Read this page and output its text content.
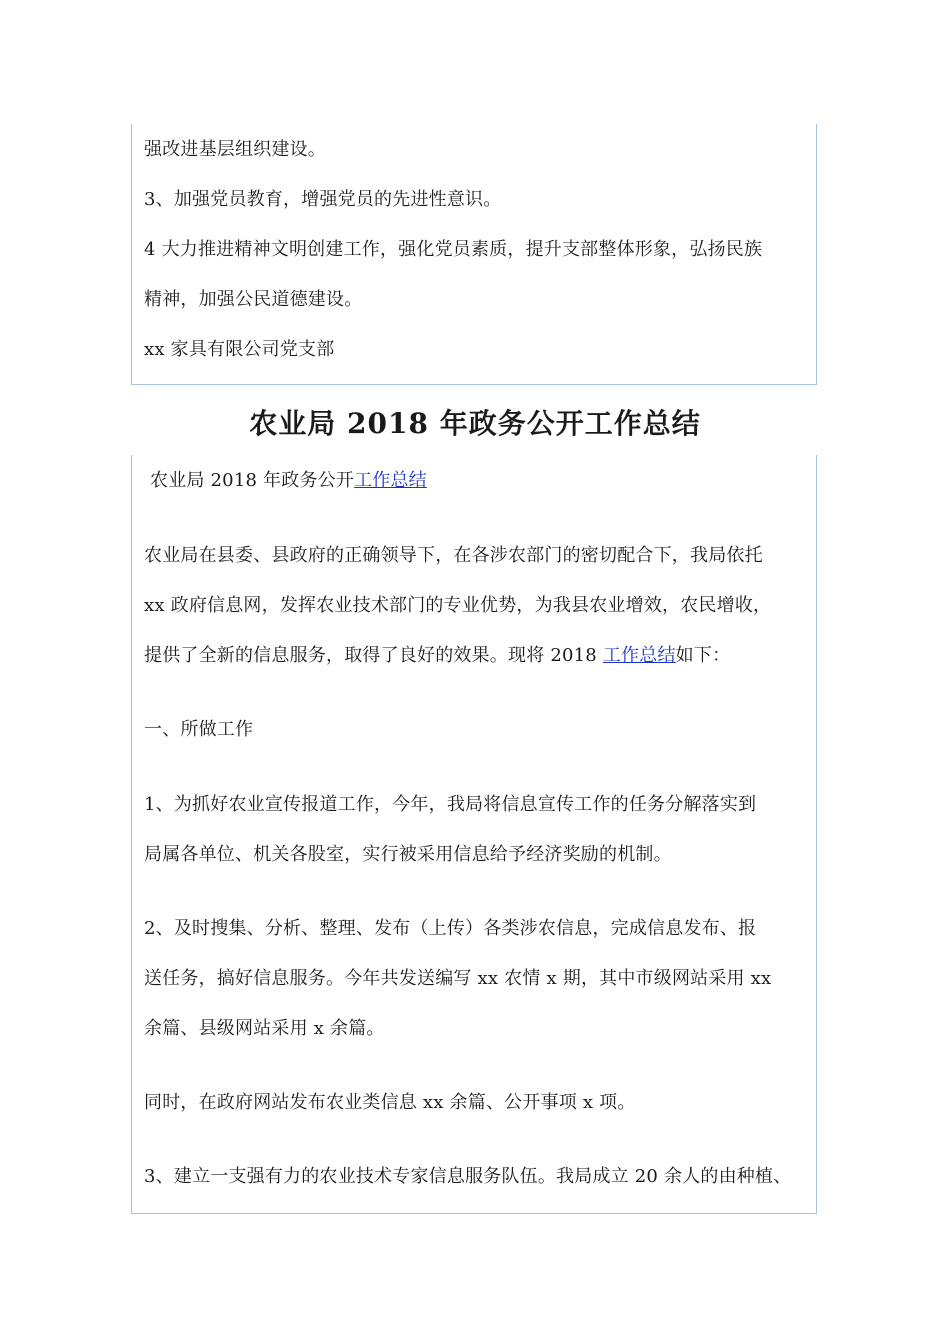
强改进基层组织建设。
3、加强党员教育，增强党员的先进性意识。
4 大力推进精神文明创建工作，强化党员素质，提升支部整体形象，弘扬民族
精神，加强公民道德建设。
xx 家具有限公司党支部
农业局 2018 年政务公开工作总结
农业局 2018 年政务公开工作总结
农业局在县委、县政府的正确领导下，在各涉农部门的密切配合下，我局依托
xx 政府信息网，发挥农业技术部门的专业优势，为我县农业增效，农民增收，
提供了全新的信息服务，取得了良好的效果。现将 2018 工作总结如下：
一、所做工作
1、为抓好农业宣传报道工作，今年，我局将信息宣传工作的任务分解落实到
局属各单位、机关各股室，实行被采用信息给予经济奖励的机制。
2、及时搜集、分析、整理、发布（上传）各类涉农信息，完成信息发布、报
送任务，搞好信息服务。今年共发送编写 xx 农情 x 期，其中市级网站采用 xx
余篇、县级网站采用 x 余篇。
同时，在政府网站发布农业类信息 xx 余篇、公开事项 x 项。
3、建立一支强有力的农业技术专家信息服务队伍。我局成立 20 余人的由种植、
